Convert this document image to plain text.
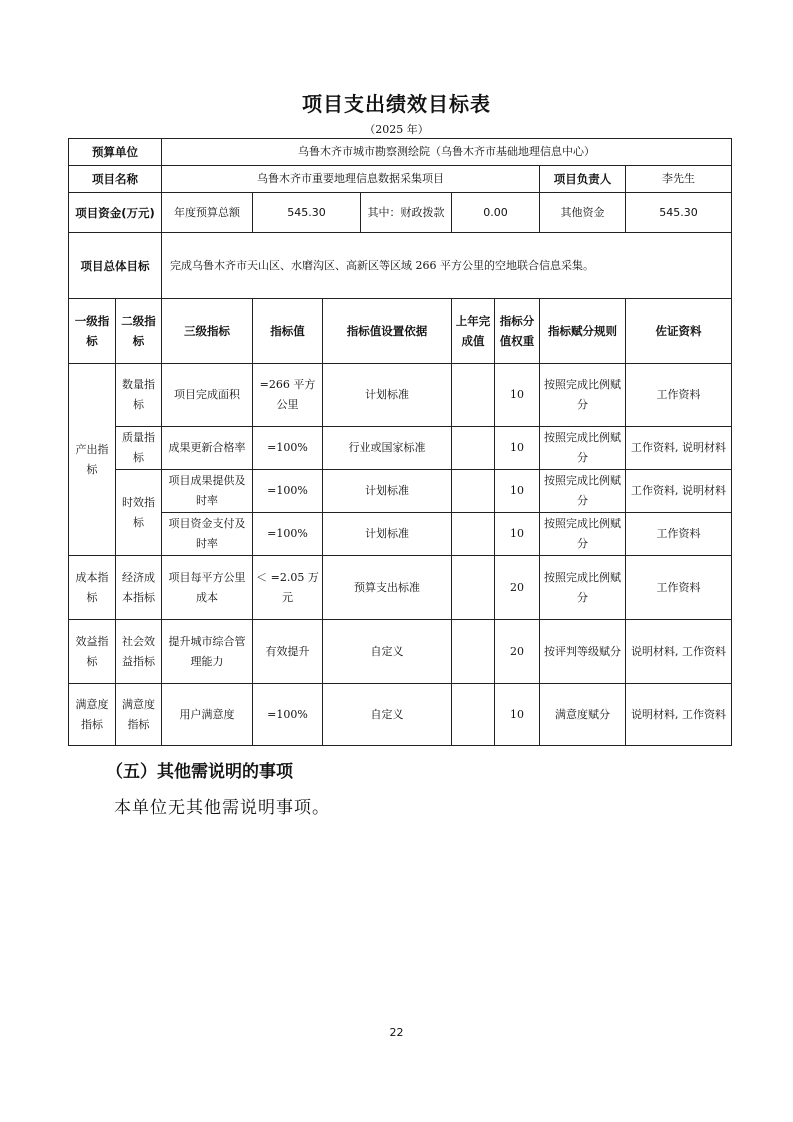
项目支出绩效目标表
（2025 年）
预算单位		乌鲁木齐市城市勘察测绘院（乌鲁木齐市基础地理信息中心）							
项目名称		乌鲁木齐市重要地理信息数据采集项目						项目负责人	李先生
项目资金(万元)		年度预算总额	545.30		其中：财政拨款	0.00		其他资金	545.30
项目总体目标		完成乌鲁木齐市天山区、水磨沟区、高新区等区域 266 平方公里的空地联合信息采集。							
一级指标	二级指标	三级指标	指标值	指标值设置依据		上年完成值	指标分值权重	指标赋分规则	佐证资料
产出指标	数量指标	项目完成面积	=266 平方公里	计划标准			10	按照完成比例赋分	工作资料
	质量指标	成果更新合格率	=100%	行业或国家标准			10	按照完成比例赋分	工作资料, 说明材料
	时效指标	项目成果提供及时率	=100%	计划标准			10	按照完成比例赋分	工作资料, 说明材料
		项目资金支付及时率	=100%	计划标准			10	按照完成比例赋分	工作资料
成本指标	经济成本指标	项目每平方公里成本	＜ =2.05 万元	预算支出标准			20	按照完成比例赋分	工作资料
效益指标	社会效益指标	提升城市综合管理能力	有效提升	自定义			20	按评判等级赋分	说明材料, 工作资料
满意度指标	满意度指标	用户满意度	=100%	自定义			10	满意度赋分	说明材料, 工作资料
（五）其他需说明的事项
本单位无其他需说明事项。
22
